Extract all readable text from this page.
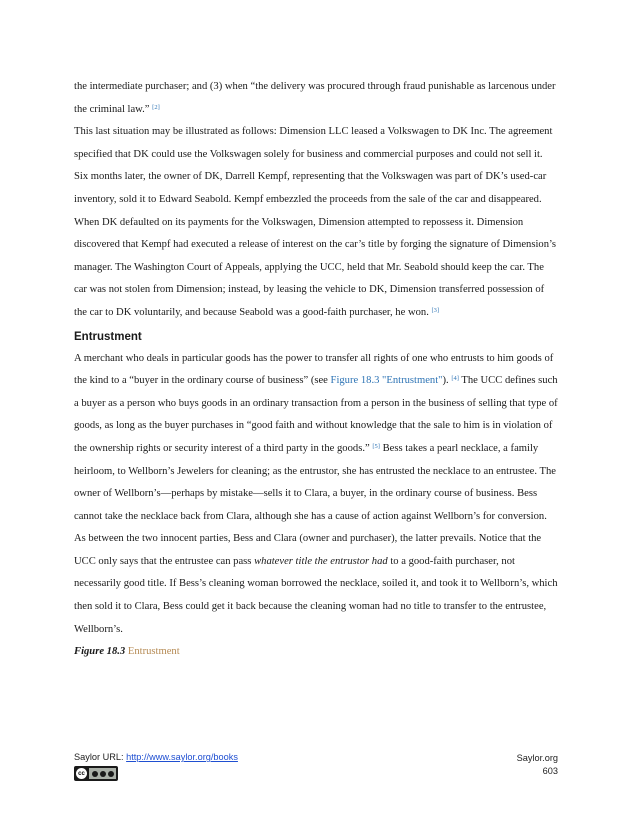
the intermediate purchaser; and (3) when “the delivery was procured through fraud punishable as larcenous under the criminal law.” [2]

This last situation may be illustrated as follows: Dimension LLC leased a Volkswagen to DK Inc. The agreement specified that DK could use the Volkswagen solely for business and commercial purposes and could not sell it. Six months later, the owner of DK, Darrell Kempf, representing that the Volkswagen was part of DK’s used-car inventory, sold it to Edward Seabold. Kempf embezzled the proceeds from the sale of the car and disappeared. When DK defaulted on its payments for the Volkswagen, Dimension attempted to repossess it. Dimension discovered that Kempf had executed a release of interest on the car’s title by forging the signature of Dimension’s manager. The Washington Court of Appeals, applying the UCC, held that Mr. Seabold should keep the car. The car was not stolen from Dimension; instead, by leasing the vehicle to DK, Dimension transferred possession of the car to DK voluntarily, and because Seabold was a good-faith purchaser, he won. [3]

Entrustment

A merchant who deals in particular goods has the power to transfer all rights of one who entrusts to him goods of the kind to a “buyer in the ordinary course of business” (see Figure 18.3 "Entrustment"). [4] The UCC defines such a buyer as a person who buys goods in an ordinary transaction from a person in the business of selling that type of goods, as long as the buyer purchases in “good faith and without knowledge that the sale to him is in violation of the ownership rights or security interest of a third party in the goods.” [5] Bess takes a pearl necklace, a family heirloom, to Wellborn’s Jewelers for cleaning; as the entrustor, she has entrusted the necklace to an entrustee. The owner of Wellborn’s—perhaps by mistake—sells it to Clara, a buyer, in the ordinary course of business. Bess cannot take the necklace back from Clara, although she has a cause of action against Wellborn’s for conversion. As between the two innocent parties, Bess and Clara (owner and purchaser), the latter prevails. Notice that the UCC only says that the entrustee can pass whatever title the entrustor had to a good-faith purchaser, not necessarily good title. If Bess’s cleaning woman borrowed the necklace, soiled it, and took it to Wellborn’s, which then sold it to Clara, Bess could get it back because the cleaning woman had no title to transfer to the entrustee, Wellborn’s.

Figure 18.3 Entrustment

Saylor URL: http://www.saylor.org/books
cc
Saylor.org
603
